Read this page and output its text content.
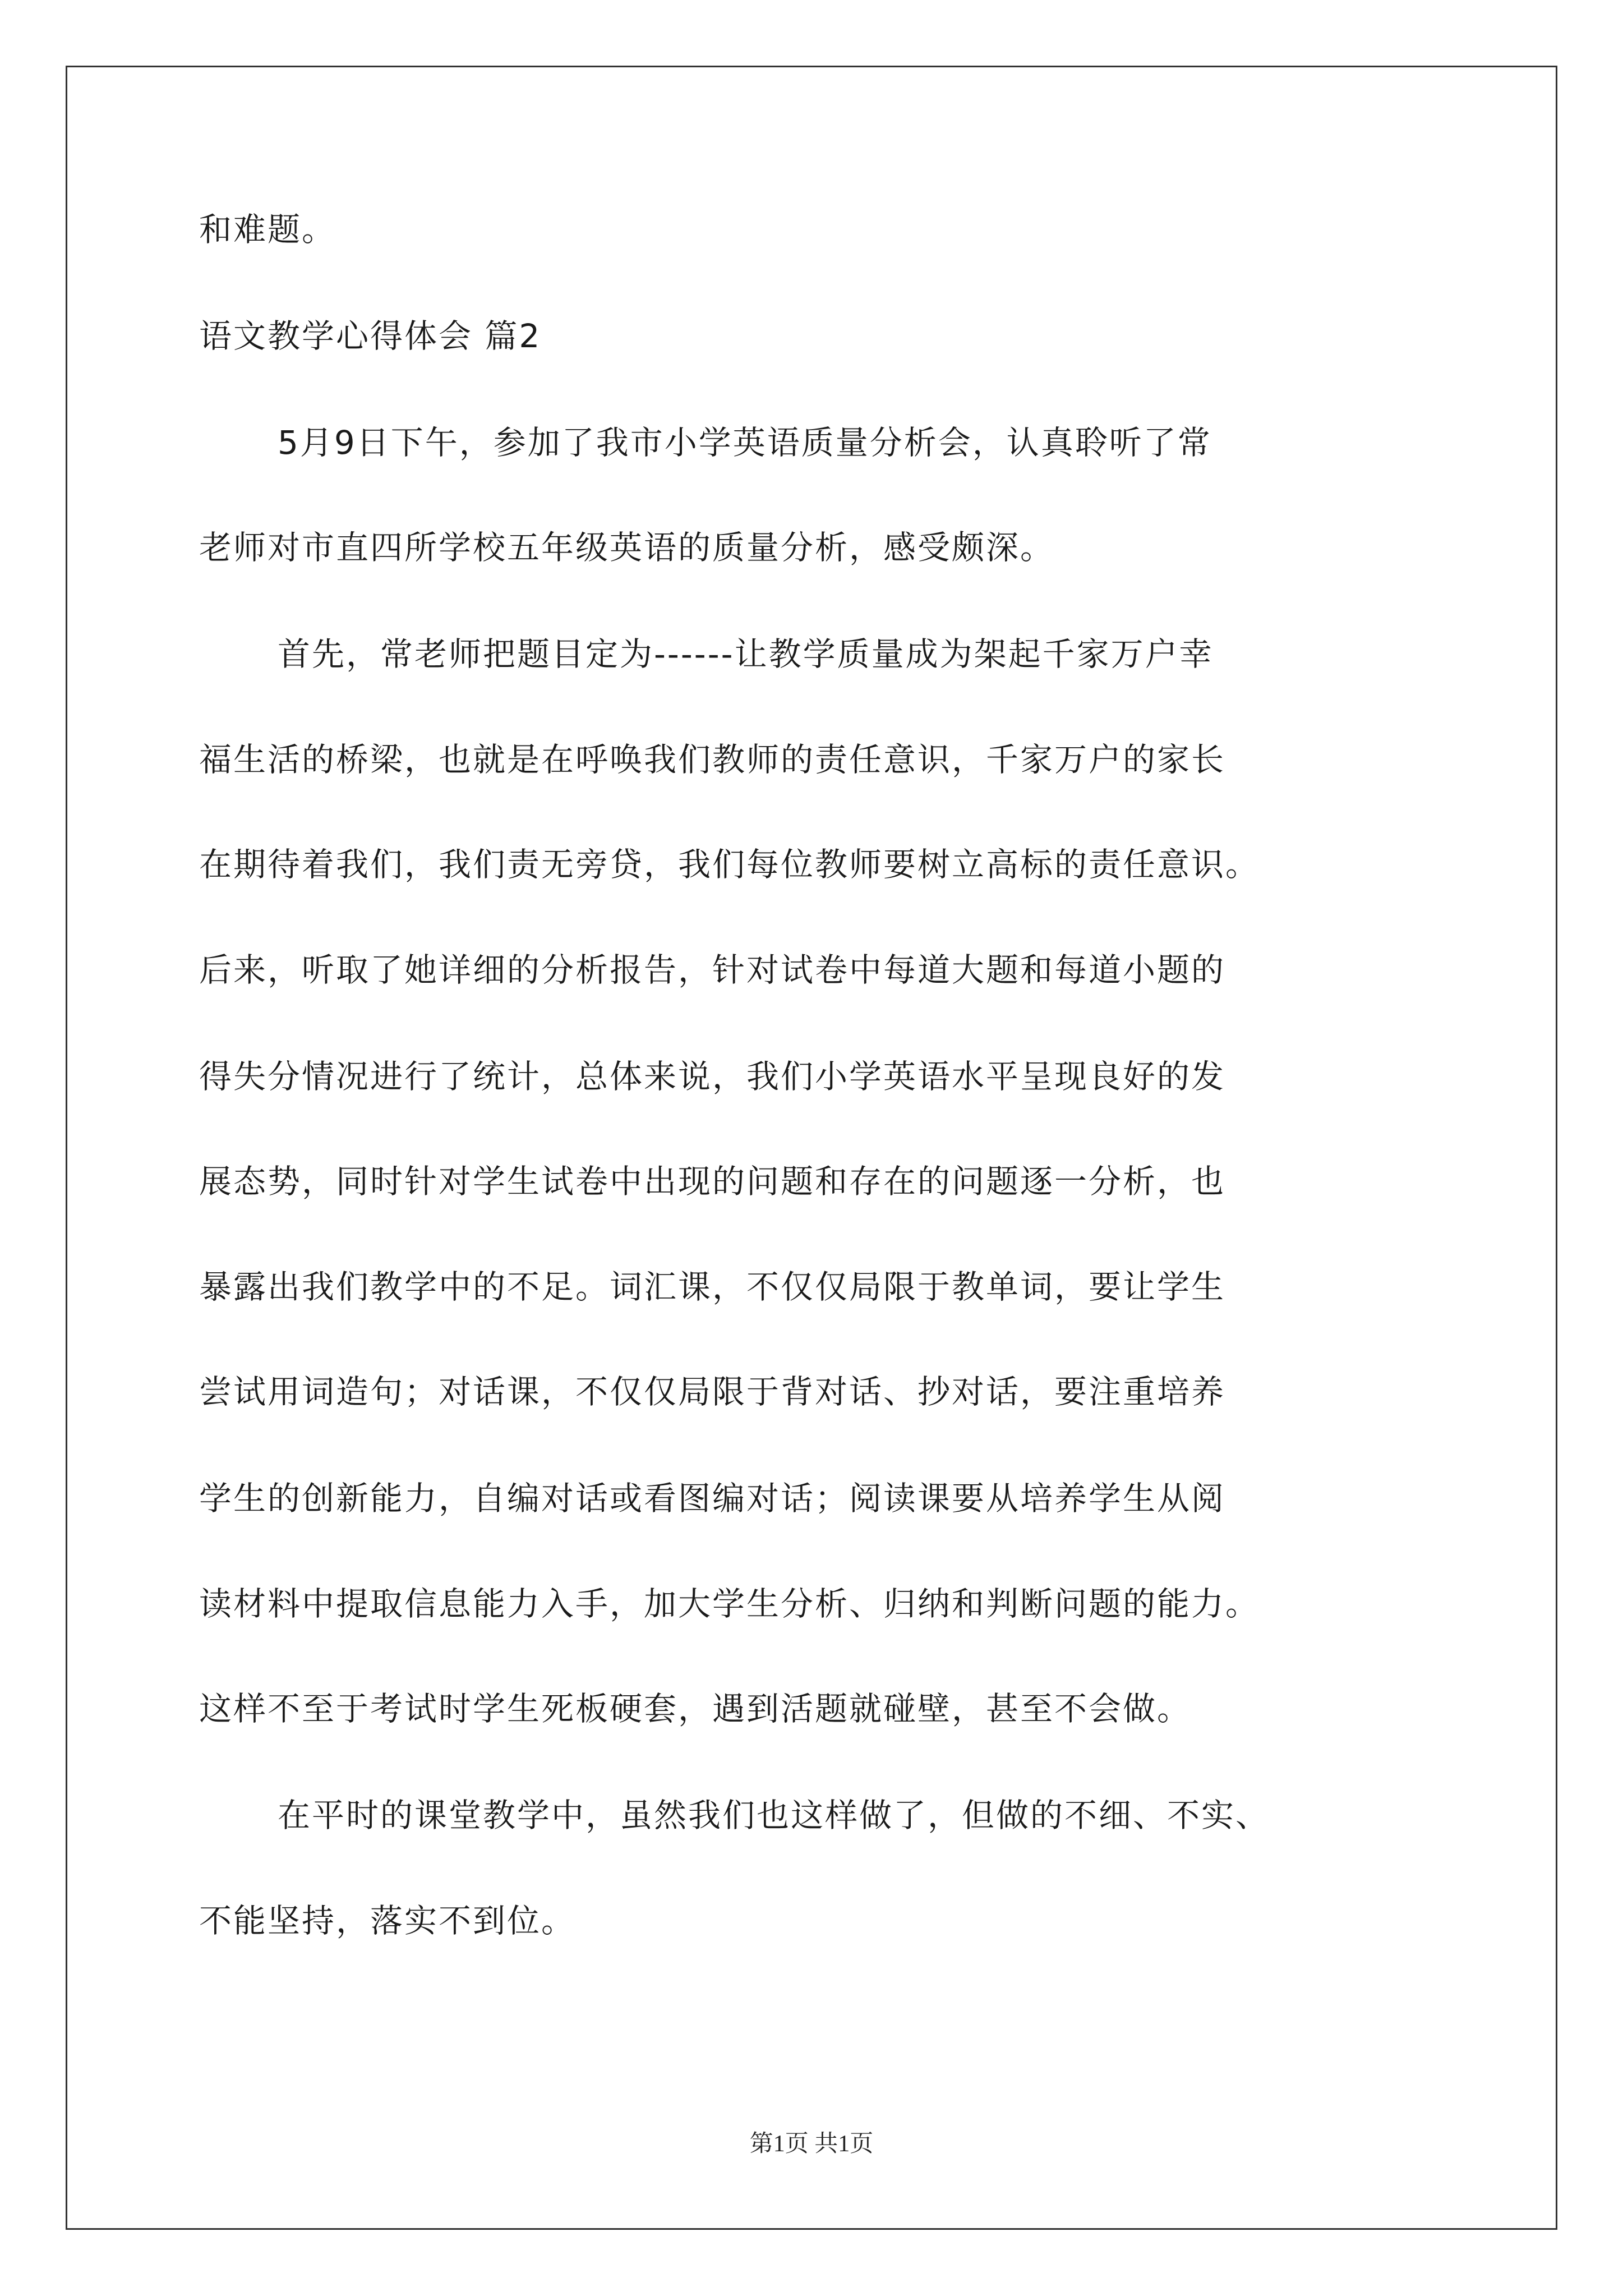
和难题。
语文教学心得体会 篇2
5月9日下午，参加了我市小学英语质量分析会，认真聆听了常
老师对市直四所学校五年级英语的质量分析，感受颇深。
首先，常老师把题目定为------让教学质量成为架起千家万户幸
福生活的桥梁，也就是在呼唤我们教师的责任意识，千家万户的家长
在期待着我们，我们责无旁贷，我们每位教师要树立高标的责任意识。
后来，听取了她详细的分析报告，针对试卷中每道大题和每道小题的
得失分情况进行了统计，总体来说，我们小学英语水平呈现良好的发
展态势，同时针对学生试卷中出现的问题和存在的问题逐一分析，也
暴露出我们教学中的不足。词汇课，不仅仅局限于教单词，要让学生
尝试用词造句；对话课，不仅仅局限于背对话、抄对话，要注重培养
学生的创新能力，自编对话或看图编对话；阅读课要从培养学生从阅
读材料中提取信息能力入手，加大学生分析、归纳和判断问题的能力。
这样不至于考试时学生死板硬套，遇到活题就碰壁，甚至不会做。
在平时的课堂教学中，虽然我们也这样做了，但做的不细、不实、
不能坚持，落实不到位。
第1页 共1页
